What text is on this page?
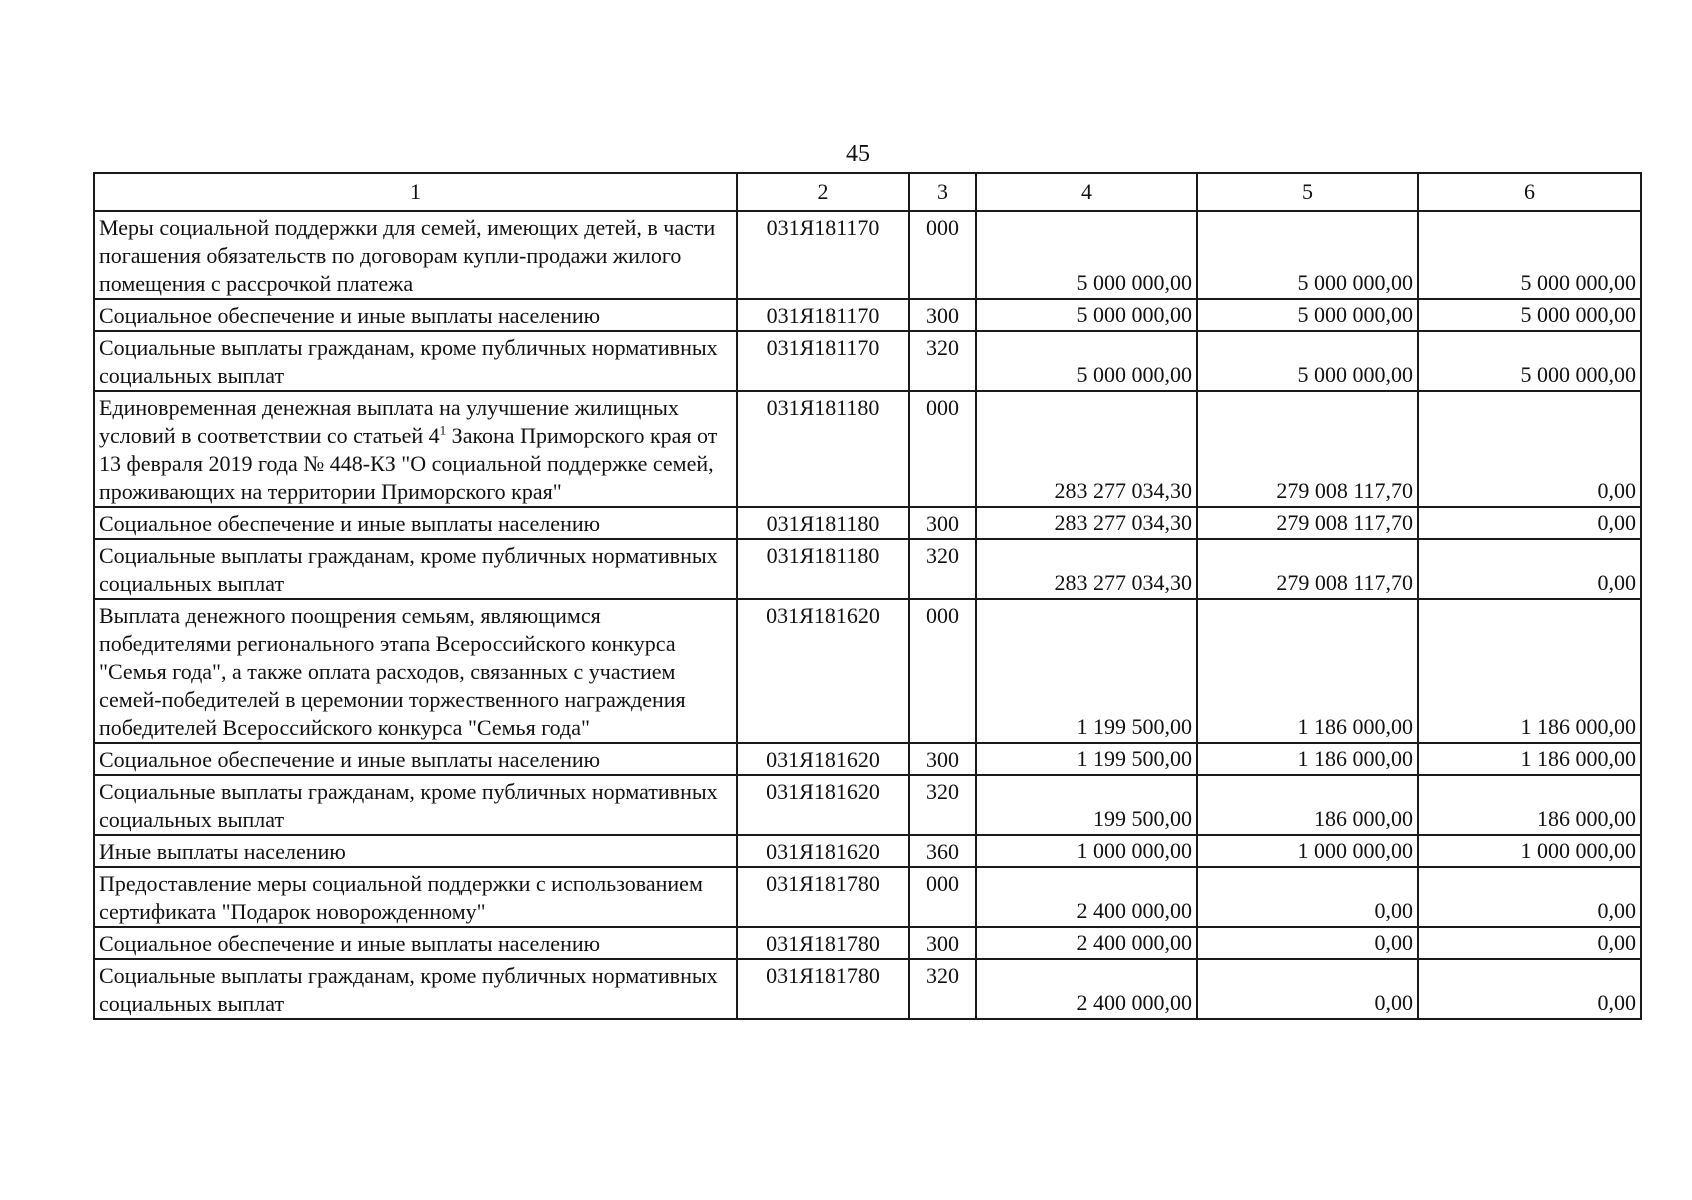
45
1	2	3	4	5	6
Меры социальной поддержки для семей, имеющих детей, в части погашения обязательств по договорам купли-продажи жилого помещения с рассрочкой платежа	031Я181170	000	5 000 000,00	5 000 000,00	5 000 000,00
Социальное обеспечение и иные выплаты населению	031Я181170	300	5 000 000,00	5 000 000,00	5 000 000,00
Социальные выплаты гражданам, кроме публичных нормативных социальных выплат	031Я181170	320	5 000 000,00	5 000 000,00	5 000 000,00
Единовременная денежная выплата на улучшение жилищных условий в соответствии со статьей $4^1$ Закона Приморского края от 13 февраля 2019 года № 448-КЗ "О социальной поддержке семей, проживающих на территории Приморского края"	031Я181180	000	283 277 034,30	279 008 117,70	0,00
Социальное обеспечение и иные выплаты населению	031Я181180	300	283 277 034,30	279 008 117,70	0,00
Социальные выплаты гражданам, кроме публичных нормативных социальных выплат	031Я181180	320	283 277 034,30	279 008 117,70	0,00
Выплата денежного поощрения семьям, являющимся победителями регионального этапа Всероссийского конкурса "Семья года", а также оплата расходов, связанных с участием семей-победителей в церемонии торжественного награждения победителей Всероссийского конкурса "Семья года"	031Я181620	000	1 199 500,00	1 186 000,00	1 186 000,00
Социальное обеспечение и иные выплаты населению	031Я181620	300	1 199 500,00	1 186 000,00	1 186 000,00
Социальные выплаты гражданам, кроме публичных нормативных социальных выплат	031Я181620	320	199 500,00	186 000,00	186 000,00
Иные выплаты населению	031Я181620	360	1 000 000,00	1 000 000,00	1 000 000,00
Предоставление меры социальной поддержки с использованием сертификата "Подарок новорожденному"	031Я181780	000	2 400 000,00	0,00	0,00
Социальное обеспечение и иные выплаты населению	031Я181780	300	2 400 000,00	0,00	0,00
Социальные выплаты гражданам, кроме публичных нормативных социальных выплат	031Я181780	320	2 400 000,00	0,00	0,00
